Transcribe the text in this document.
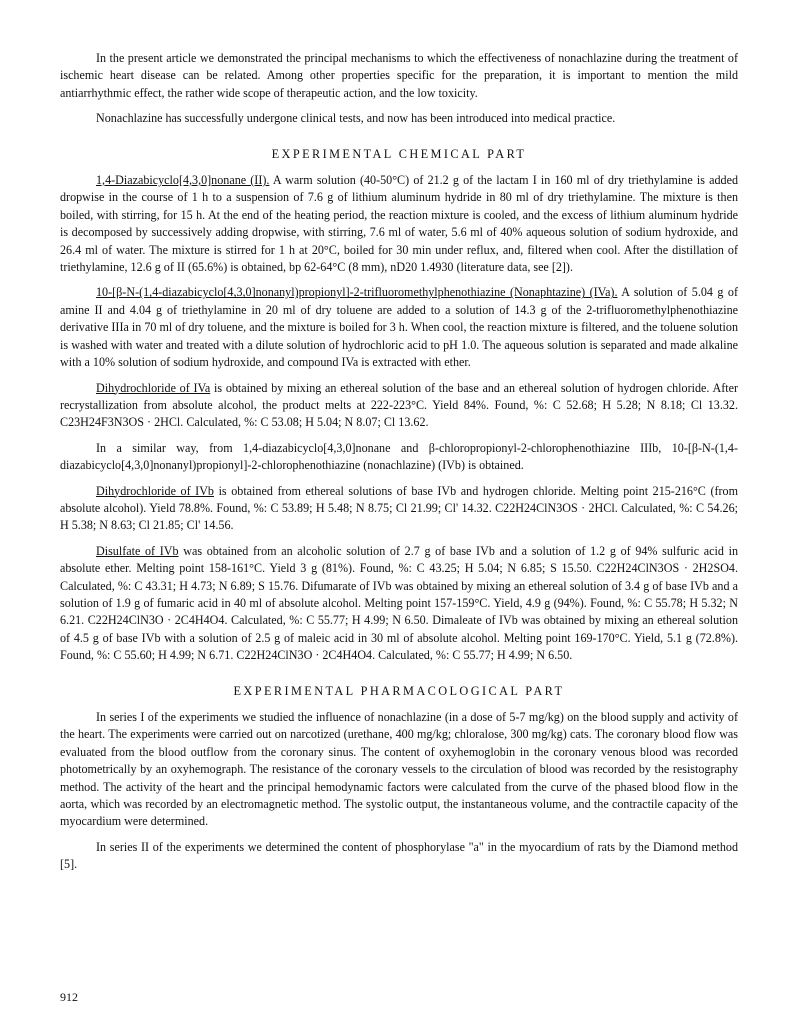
In the present article we demonstrated the principal mechanisms to which the effectiveness of nonachlazine during the treatment of ischemic heart disease can be related. Among other properties specific for the preparation, it is important to mention the mild antiarrhythmic effect, the rather wide scope of therapeutic action, and the low toxicity.

Nonachlazine has successfully undergone clinical tests, and now has been introduced into medical practice.

EXPERIMENTAL CHEMICAL PART

1,4-Diazabicyclo[4,3,0]nonane (II). A warm solution (40-50°C) of 21.2 g of the lactam I in 160 ml of dry triethylamine is added dropwise in the course of 1 h to a suspension of 7.6 g of lithium aluminum hydride in 80 ml of dry triethylamine. The mixture is then boiled, with stirring, for 15 h. At the end of the heating period, the reaction mixture is cooled, and the excess of lithium aluminum hydride is decomposed by successively adding dropwise, with stirring, 7.6 ml of water, 5.6 ml of 40% aqueous solution of sodium hydroxide, and 26.4 ml of water. The mixture is stirred for 1 h at 20°C, boiled for 30 min under reflux, and, filtered when cool. After the distillation of triethylamine, 12.6 g of II (65.6%) is obtained, bp 62-64°C (8 mm), nD20 1.4930 (literature data, see [2]).

10-[β-N-(1,4-diazabicyclo[4,3,0]nonanyl)propionyl]-2-trifluoromethylphenothiazine (Nonaphtazine) (IVa). A solution of 5.04 g of amine II and 4.04 g of triethylamine in 20 ml of dry toluene are added to a solution of 14.3 g of the 2-trifluoromethylphenothiazine derivative IIIa in 70 ml of dry toluene, and the mixture is boiled for 3 h. When cool, the reaction mixture is filtered, and the toluene solution is washed with water and treated with a dilute solution of hydrochloric acid to pH 1.0. The aqueous solution is separated and made alkaline with a 10% solution of sodium hydroxide, and compound IVa is extracted with ether.

Dihydrochloride of IVa is obtained by mixing an ethereal solution of the base and an ethereal solution of hydrogen chloride. After recrystallization from absolute alcohol, the product melts at 222-223°C. Yield 84%. Found, %: C 52.68; H 5.28; N 8.18; Cl 13.32. C23H24F3N3OS · 2HCl. Calculated, %: C 53.08; H 5.04; N 8.07; Cl 13.62.

In a similar way, from 1,4-diazabicyclo[4,3,0]nonane and β-chloropropionyl-2-chlorophenothiazine IIIb, 10-[β-N-(1,4-diazabicyclo[4,3,0]nonanyl)propionyl]-2-chlorophenothiazine (nonachlazine) (IVb) is obtained.

Dihydrochloride of IVb is obtained from ethereal solutions of base IVb and hydrogen chloride. Melting point 215-216°C (from absolute alcohol). Yield 78.8%. Found, %: C 53.89; H 5.48; N 8.75; Cl 21.99; Cl' 14.32. C22H24ClN3OS · 2HCl. Calculated, %: C 54.26; H 5.38; N 8.63; Cl 21.85; Cl' 14.56.

Disulfate of IVb was obtained from an alcoholic solution of 2.7 g of base IVb and a solution of 1.2 g of 94% sulfuric acid in absolute ether. Melting point 158-161°C. Yield 3 g (81%). Found, %: C 43.25; H 5.04; N 6.85; S 15.50. C22H24ClN3OS · 2H2SO4. Calculated, %: C 43.31; H 4.73; N 6.89; S 15.76. Difumarate of IVb was obtained by mixing an ethereal solution of 3.4 g of base IVb and a solution of 1.9 g of fumaric acid in 40 ml of absolute alcohol. Melting point 157-159°C. Yield, 4.9 g (94%). Found, %: C 55.78; H 5.32; N 6.21. C22H24ClN3O · 2C4H4O4. Calculated, %: C 55.77; H 4.99; N 6.50. Dimaleate of IVb was obtained by mixing an ethereal solution of 4.5 g of base IVb with a solution of 2.5 g of maleic acid in 30 ml of absolute alcohol. Melting point 169-170°C. Yield, 5.1 g (72.8%). Found, %: C 55.60; H 4.99; N 6.71. C22H24ClN3O · 2C4H4O4. Calculated, %: C 55.77; H 4.99; N 6.50.

EXPERIMENTAL PHARMACOLOGICAL PART

In series I of the experiments we studied the influence of nonachlazine (in a dose of 5-7 mg/kg) on the blood supply and activity of the heart. The experiments were carried out on narcotized (urethane, 400 mg/kg; chloralose, 300 mg/kg) cats. The coronary blood flow was evaluated from the blood outflow from the coronary sinus. The content of oxyhemoglobin in the coronary venous blood was recorded photometrically by an oxyhemograph. The resistance of the coronary vessels to the circulation of blood was recorded by the resistography method. The activity of the heart and the principal hemodynamic factors were calculated from the curve of the phased blood flow in the aorta, which was recorded by an electromagnetic method. The systolic output, the instantaneous volume, and the contractile capacity of the myocardium were determined.

In series II of the experiments we determined the content of phosphorylase "a" in the myocardium of rats by the Diamond method [5].

912
